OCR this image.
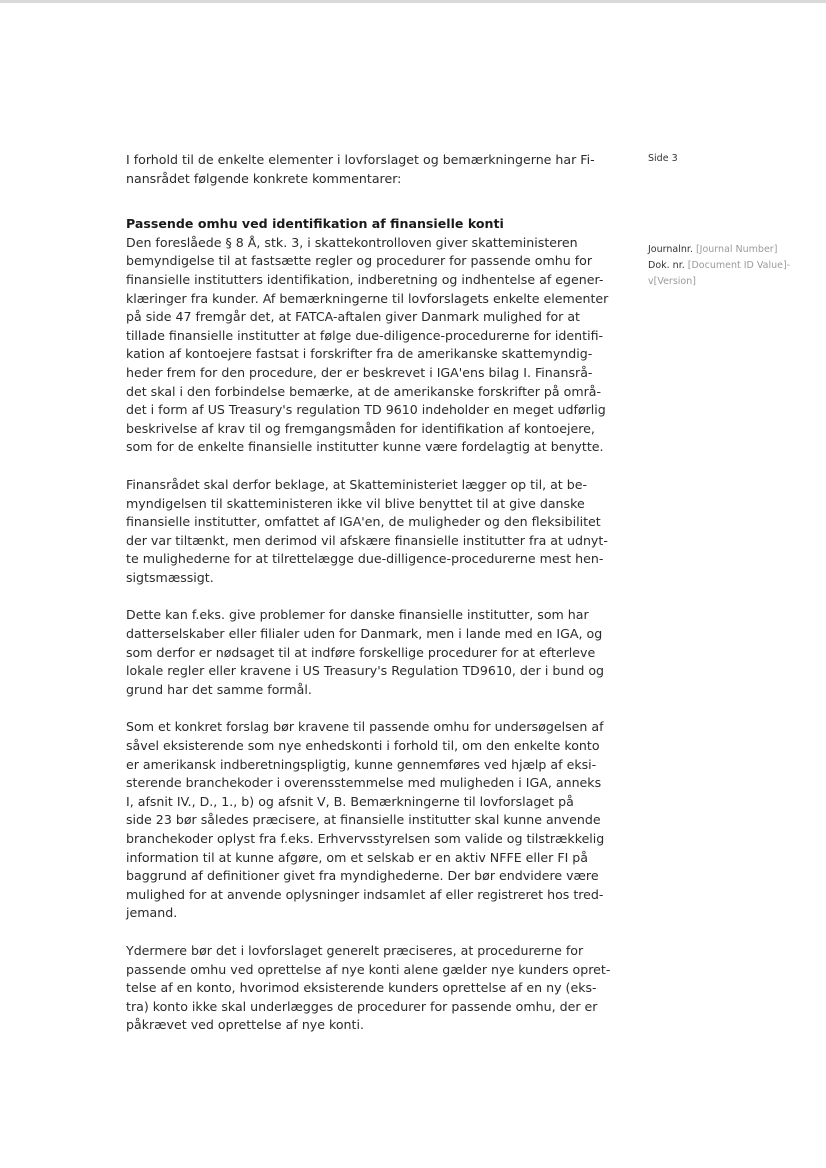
Side 3
Journalnr. [Journal Number]
Dok. nr. [Document ID Value]-
v[Version]
I forhold til de enkelte elementer i lovforslaget og bemærkningerne har Fi-
nansrådet følgende konkrete kommentarer:
Passende omhu ved identifikation af finansielle konti
Den foreslåede § 8 Å, stk. 3, i skattekontrolloven giver skatteministeren
bemyndigelse til at fastsætte regler og procedurer for passende omhu for
finansielle institutters identifikation, indberetning og indhentelse af egener-
klæringer fra kunder. Af bemærkningerne til lovforslagets enkelte elementer
på side 47 fremgår det, at FATCA-aftalen giver Danmark mulighed for at
tillade finansielle institutter at følge due-diligence-procedurerne for identifi-
kation af kontoejere fastsat i forskrifter fra de amerikanske skattemyndig-
heder frem for den procedure, der er beskrevet i IGA'ens bilag I. Finansrå-
det skal i den forbindelse bemærke, at de amerikanske forskrifter på områ-
det i form af US Treasury's regulation TD 9610 indeholder en meget udførlig
beskrivelse af krav til og fremgangsmåden for identifikation af kontoejere,
som for de enkelte finansielle institutter kunne være fordelagtig at benytte.
Finansrådet skal derfor beklage, at Skatteministeriet lægger op til, at be-
myndigelsen til skatteministeren ikke vil blive benyttet til at give danske
finansielle institutter, omfattet af IGA'en, de muligheder og den fleksibilitet
der var tiltænkt, men derimod vil afskære finansielle institutter fra at udnyt-
te mulighederne for at tilrettelægge due-dilligence-procedurerne mest hen-
sigtsmæssigt.
Dette kan f.eks. give problemer for danske finansielle institutter, som har
datterselskaber eller filialer uden for Danmark, men i lande med en IGA, og
som derfor er nødsaget til at indføre forskellige procedurer for at efterleve
lokale regler eller kravene i US Treasury's Regulation TD9610, der i bund og
grund har det samme formål.
Som et konkret forslag bør kravene til passende omhu for undersøgelsen af
såvel eksisterende som nye enhedskonti i forhold til, om den enkelte konto
er amerikansk indberetningspligtig, kunne gennemføres ved hjælp af eksi-
sterende branchekoder i overensstemmelse med muligheden i IGA, anneks
I, afsnit IV., D., 1., b) og afsnit V, B. Bemærkningerne til lovforslaget på
side 23 bør således præcisere, at finansielle institutter skal kunne anvende
branchekoder oplyst fra f.eks. Erhvervsstyrelsen som valide og tilstrækkelig
information til at kunne afgøre, om et selskab er en aktiv NFFE eller FI på
baggrund af definitioner givet fra myndighederne. Der bør endvidere være
mulighed for at anvende oplysninger indsamlet af eller registreret hos tred-
jemand.
Ydermere bør det i lovforslaget generelt præciseres, at procedurerne for
passende omhu ved oprettelse af nye konti alene gælder nye kunders opret-
telse af en konto, hvorimod eksisterende kunders oprettelse af en ny (eks-
tra) konto ikke skal underlægges de procedurer for passende omhu, der er
påkrævet ved oprettelse af nye konti.
